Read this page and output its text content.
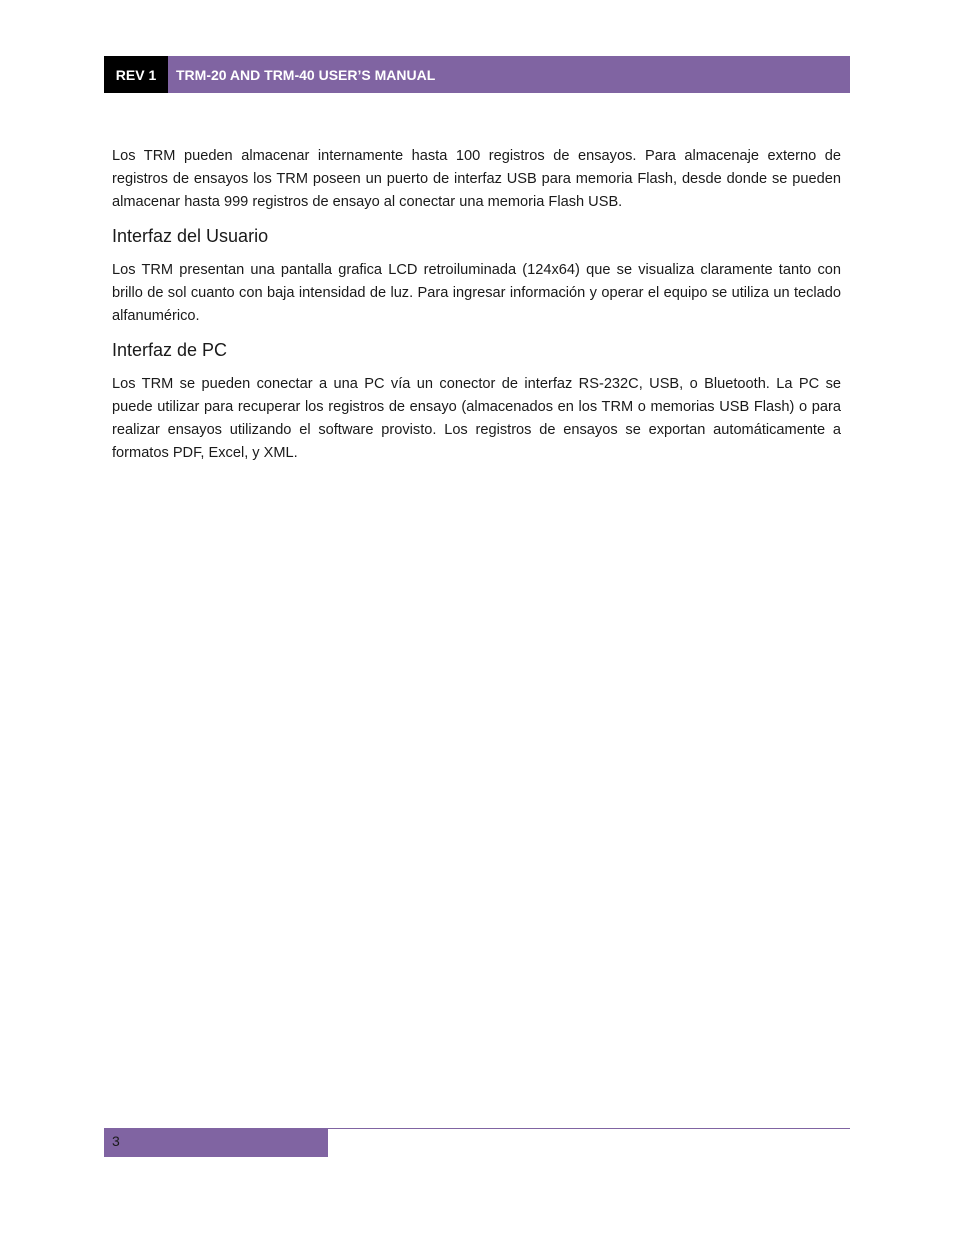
REV 1	TRM-20 AND TRM-40 USER’S MANUAL

Los TRM pueden almacenar internamente hasta 100 registros de ensayos. Para almacenaje externo de registros de ensayos los TRM poseen un puerto de interfaz USB para memoria Flash, desde donde se pueden almacenar hasta 999 registros de ensayo al conectar una memoria Flash USB.

Interfaz del Usuario

Los TRM presentan una pantalla grafica LCD retroiluminada (124x64) que se visualiza claramente tanto con brillo de sol cuanto con baja intensidad de luz. Para ingresar información y operar el equipo se utiliza un teclado alfanumérico.

Interfaz de PC

Los TRM se pueden conectar a una PC vía un conector de interfaz RS-232C, USB, o Bluetooth. La PC se puede utilizar para recuperar los registros de ensayo (almacenados en los TRM o memorias USB Flash) o para realizar ensayos utilizando el software provisto. Los registros de ensayos se exportan automáticamente a formatos PDF, Excel, y XML.

3
